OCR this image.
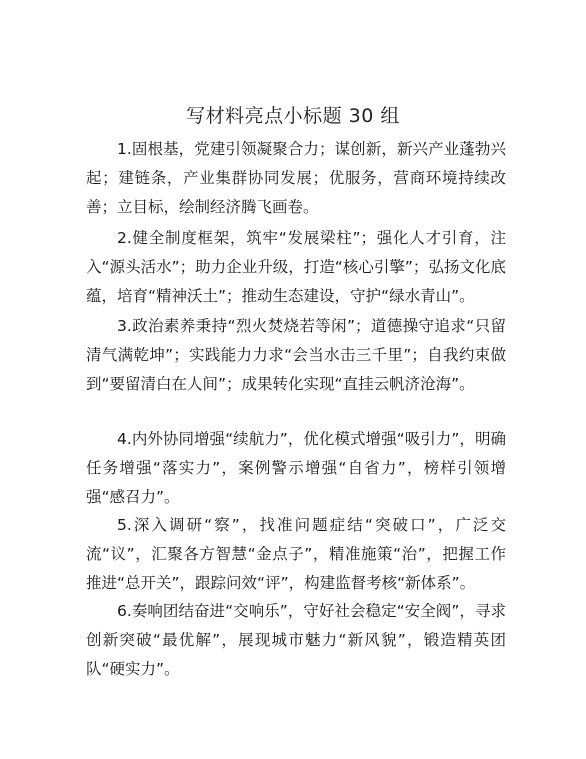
写材料亮点小标题 30 组

1.固根基，党建引领凝聚合力；谋创新，新兴产业蓬勃兴起；建链条，产业集群协同发展；优服务，营商环境持续改善；立目标，绘制经济腾飞画卷。

2.健全制度框架，筑牢“发展梁柱”；强化人才引育，注入“源头活水”；助力企业升级，打造“核心引擎”；弘扬文化底蕴，培育“精神沃土”；推动生态建设，守护“绿水青山”。

3.政治素养秉持“烈火焚烧若等闲”；道德操守追求“只留清气满乾坤”；实践能力力求“会当水击三千里”；自我约束做到“要留清白在人间”；成果转化实现“直挂云帆济沧海”。

4.内外协同增强“续航力”，优化模式增强“吸引力”，明确任务增强“落实力”，案例警示增强“自省力”，榜样引领增强“感召力”。

5.深入调研“察”，找准问题症结“突破口”，广泛交流“议”，汇聚各方智慧“金点子”，精准施策“治”，把握工作推进“总开关”，跟踪问效“评”，构建监督考核“新体系”。

6.奏响团结奋进“交响乐”，守好社会稳定“安全阀”，寻求创新突破“最优解”，展现城市魅力“新风貌”，锻造精英团队“硬实力”。
